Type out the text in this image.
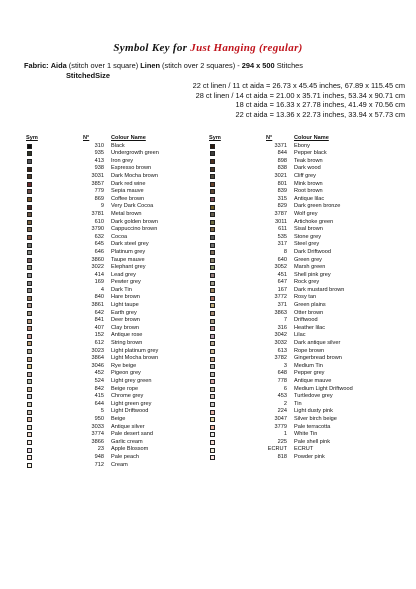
Symbol Key for Just Hanging (regular)
Fabric: Aida (stitch over 1 square) Linen (stitch over 2 squares) - 294 x 500 Stitches
StitchedSize
22 ct linen / 11 ct aida = 26.73 x 45.45 inches, 67.89 x 115.45 cm
28 ct linen / 14 ct aida = 21.00 x 35.71 inches, 53.34 x 90.71 cm
18 ct aida = 16.33 x 27.78 inches, 41.49 x 70.56 cm
22 ct aida = 13.36 x 22.73 inches, 33.94 x 57.73 cm
Sym	N°	Colour Name
310 Black
935 Undergrowth green
413 Iron grey
938 Espresso brown
3031 Dark Mocha brown
3857 Dark red wine
779 Sepia mauve
869 Coffee brown
9 Very Dark Cocoa
3781 Metal brown
610 Dark golden brown
3790 Cappuccino brown
632 Cocoa
645 Dark steel grey
646 Platinum grey
3860 Taupe mauve
3022 Elephant grey
414 Lead grey
169 Pewter grey
4 Dark Tin
840 Hare brown
3861 Light taupe
642 Earth grey
841 Deer brown
407 Clay brown
152 Antique rose
612 String brown
3023 Light platinum grey
3864 Light Mocha brown
3046 Rye beige
452 Pigeon grey
524 Light grey green
842 Beige rope
415 Chrome grey
644 Light green grey
5 Light Driftwood
950 Beige
3033 Antique silver
3774 Pale desert sand
3866 Garlic cream
23 Apple Blossom
948 Pale peach
712 Cream
Sym	N°	Colour Name
3371 Ebony
844 Pepper black
898 Teak brown
838 Dark wood
3021 Cliff grey
801 Mink brown
839 Root brown
315 Antique lilac
829 Dark green bronze
3787 Wolf grey
3011 Artichoke green
611 Sisal brown
535 Stone grey
317 Steel grey
8 Dark Driftwood
640 Green grey
3052 Marsh green
451 Shell pink grey
647 Rock grey
167 Dark mustard brown
3772 Rosy tan
371 Green plains
3863 Otter brown
7 Driftwood
316 Heather lilac
3042 Lilac
3032 Dark antique silver
613 Rope brown
3782 Gingerbread brown
3 Medium Tin
648 Pepper grey
778 Antique mauve
6 Medium Light Driftwood
453 Turtledove grey
2 Tin
224 Light dusty pink
3047 Silver birch beige
3779 Pale terracotta
1 White Tin
225 Pale shell pink
ECRUT ECRUT
818 Powder pink
